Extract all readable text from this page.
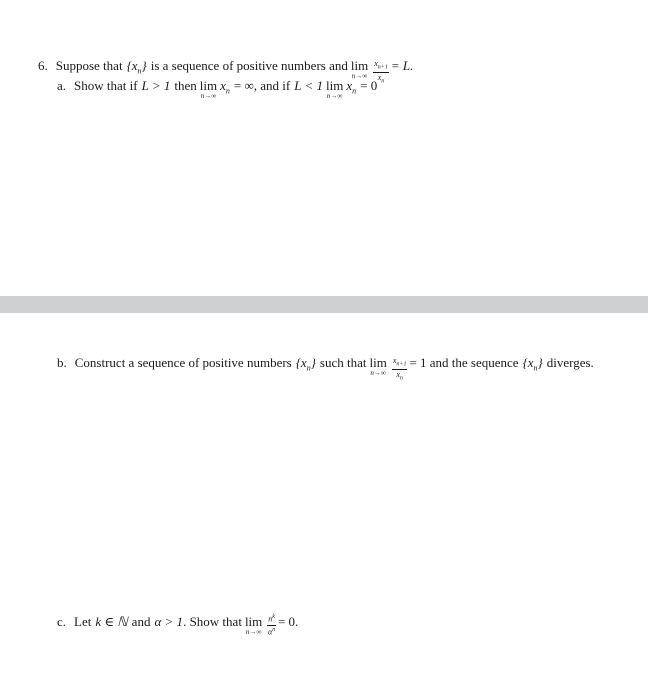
6. Suppose that $\{x_n\}$ is a sequence of positive numbers and lim
$n\to\infty \frac{x_{n+1}}{x_n} = L$.
a. Show that if L > 1 then lim
n→∞
$x_n$ = ∞, and if L < 1 lim
n→∞
$x_n = 0$
b. Construct a sequence of positive numbers $\{x_n\}$ such that lim
$n\to\infty \frac{x_{n+1}}{x_n} = 1$ and the sequence $\{x_n\}$ diverges.
c. Let k ∈ ℕ and α > 1 . Show that lim
$n\to\infty \frac{n^k}{\alpha^n} = 0$.
